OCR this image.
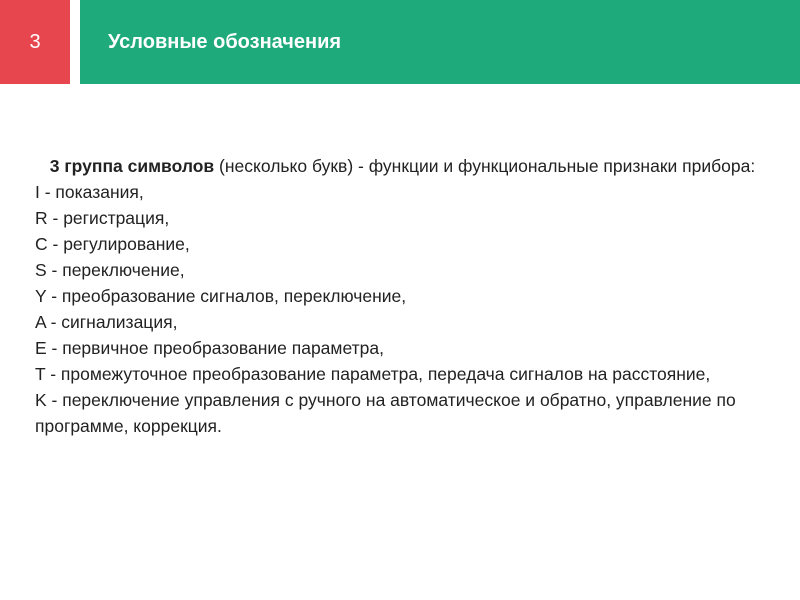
3	Условные обозначения
3 группа символов (несколько букв) - функции и функциональные признаки прибора:

I - показания,

R - регистрация,

C - регулирование,

S - переключение,

Y - преобразование сигналов, переключение,

A - сигнализация,

E - первичное преобразование параметра,

T - промежуточное преобразование параметра, передача сигналов на расстояние,

K - переключение управления с ручного на автоматическое и обратно, управление по программе, коррекция.
